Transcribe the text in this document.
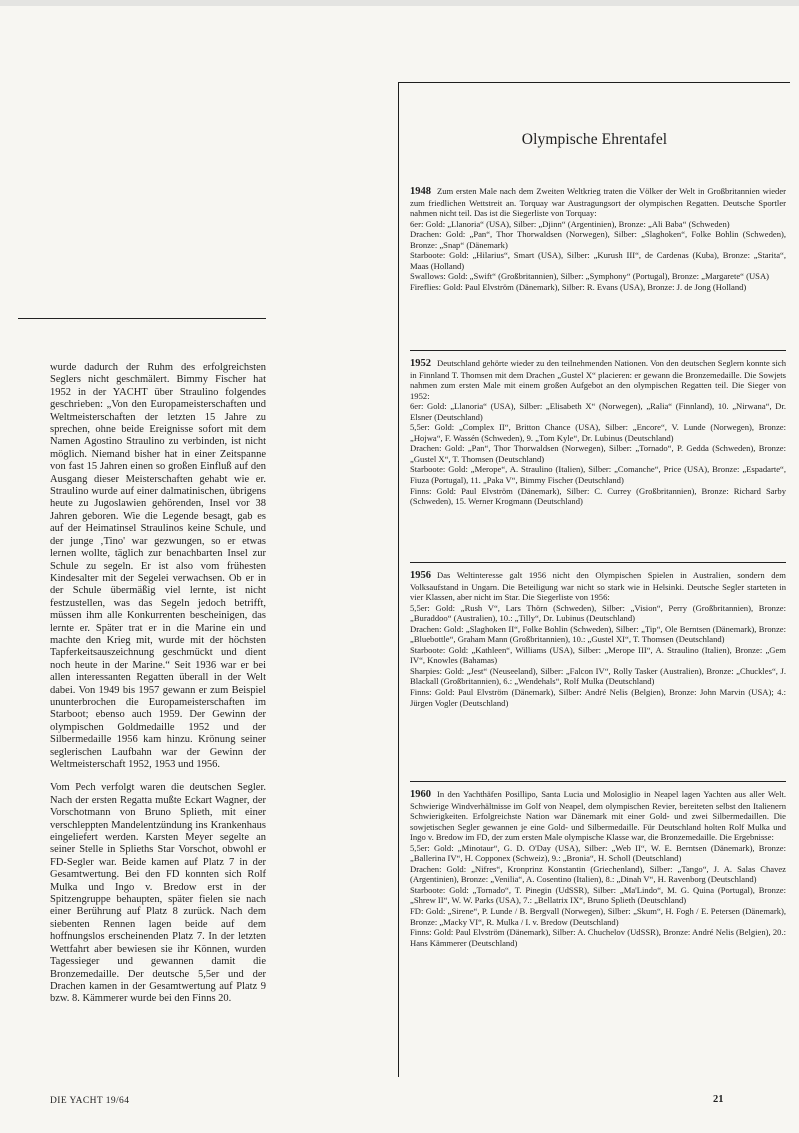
wurde dadurch der Ruhm des erfolgreichsten Seglers nicht geschmälert. Bimmy Fischer hat 1952 in der YACHT über Straulino folgendes geschrieben: „Von den Europameisterschaften und Weltmeisterschaften der letzten 15 Jahre zu sprechen, ohne beide Ereignisse sofort mit dem Namen Agostino Straulino zu verbinden, ist nicht möglich. Niemand bisher hat in einer Zeitspanne von fast 15 Jahren einen so großen Einfluß auf den Ausgang dieser Meisterschaften gehabt wie er. Straulino wurde auf einer dalmatinischen, übrigens heute zu Jugoslawien gehörenden, Insel vor 38 Jahren geboren. Wie die Legende besagt, gab es auf der Heimatinsel Straulinos keine Schule, und der junge ‚Tino' war gezwungen, so er etwas lernen wollte, täglich zur benachbarten Insel zur Schule zu segeln. Er ist also vom frühesten Kindesalter mit der Segelei verwachsen. Ob er in der Schule übermäßig viel lernte, ist nicht festzustellen, was das Segeln jedoch betrifft, müssen ihm alle Konkurrenten bescheinigen, das lernte er. Später trat er in die Marine ein und machte den Krieg mit, wurde mit der höchsten Tapferkeitsauszeichnung geschmückt und dient noch heute in der Marine.“ Seit 1936 war er bei allen interessanten Regatten überall in der Welt dabei. Von 1949 bis 1957 gewann er zum Beispiel ununterbrochen die Europameisterschaften im Starboot; ebenso auch 1959. Der Gewinn der olympischen Goldmedaille 1952 und der Silbermedaille 1956 kam hinzu. Krönung seiner seglerischen Laufbahn war der Gewinn der Weltmeisterschaft 1952, 1953 und 1956.

Vom Pech verfolgt waren die deutschen Segler. Nach der ersten Regatta mußte Eckart Wagner, der Vorschotmann von Bruno Splieth, mit einer verschleppten Mandelentzündung ins Krankenhaus eingeliefert werden. Karsten Meyer segelte an seiner Stelle in Splieths Star Vorschot, obwohl er FD-Segler war. Beide kamen auf Platz 7 in der Gesamtwertung. Bei den FD konnten sich Rolf Mulka und Ingo v. Bredow erst in der Spitzengruppe behaupten, später fielen sie nach einer Berührung auf Platz 8 zurück. Nach dem siebenten Rennen lagen beide auf dem hoffnungslos erscheinenden Platz 7. In der letzten Wettfahrt aber bewiesen sie ihr Können, wurden Tagessieger und gewannen damit die Bronzemedaille. Der deutsche 5,5er und der Drachen kamen in der Gesamtwertung auf Platz 9 bzw. 8. Kämmerer wurde bei den Finns 20.

DIE YACHT 19/64	21
Olympische Ehrentafel

1948 Zum ersten Male nach dem Zweiten Weltkrieg traten die Völker der Welt in Großbritannien wieder zum friedlichen Wettstreit an. Torquay war Austragungsort der olympischen Regatten. Deutsche Sportler nahmen nicht teil. Das ist die Siegerliste von Torquay:

6er: Gold: „Llanoria“ (USA), Silber: „Djinn“ (Argentinien), Bronze: „Ali Baba“ (Schweden)

Drachen: Gold: „Pan“, Thor Thorwaldsen (Norwegen), Silber: „Slaghoken“, Folke Bohlin (Schweden), Bronze: „Snap“ (Dänemark)

Starboote: Gold: „Hilarius“, Smart (USA), Silber: „Kurush III“, de Cardenas (Kuba), Bronze: „Starita“, Maas (Holland)

Swallows: Gold: „Swift“ (Großbritannien), Silber: „Symphony“ (Portugal), Bronze: „Margarete“ (USA)

Fireflies: Gold: Paul Elvström (Dänemark), Silber: R. Evans (USA), Bronze: J. de Jong (Holland)

1952 Deutschland gehörte wieder zu den teilnehmenden Nationen. Von den deutschen Seglern konnte sich in Finnland T. Thomsen mit dem Drachen „Gustel X“ placieren: er gewann die Bronzemedaille. Die Sowjets nahmen zum ersten Male mit einem großen Aufgebot an den olympischen Regatten teil. Die Sieger von 1952:

6er: Gold: „Llanoria“ (USA), Silber: „Elisabeth X“ (Norwegen), „Ralia“ (Finnland), 10. „Nirwana“, Dr. Elsner (Deutschland)

5,5er: Gold: „Complex II“, Britton Chance (USA), Silber: „Encore“, V. Lunde (Norwegen), Bronze: „Hojwa“, F. Wassén (Schweden), 9. „Tom Kyle“, Dr. Lubinus (Deutschland)

Drachen: Gold: „Pan“, Thor Thorwaldsen (Norwegen), Silber: „Tornado“, P. Gedda (Schweden), Bronze: „Gustel X“, T. Thomsen (Deutschland)

Starboote: Gold: „Merope“, A. Straulino (Italien), Silber: „Comanche“, Price (USA), Bronze: „Espadarte“, Fiuza (Portugal), 11. „Paka V“, Bimmy Fischer (Deutschland)

Finns: Gold: Paul Elvström (Dänemark), Silber: C. Currey (Großbritannien), Bronze: Richard Sarby (Schweden), 15. Werner Krogmann (Deutschland)

1956 Das Weltinteresse galt 1956 nicht den Olympischen Spielen in Australien, sondern dem Volksaufstand in Ungarn. Die Beteiligung war nicht so stark wie in Helsinki. Deutsche Segler starteten in vier Klassen, aber nicht im Star. Die Siegerliste von 1956:

5,5er: Gold: „Rush V“, Lars Thörn (Schweden), Silber: „Vision“, Perry (Großbritannien), Bronze: „Buraddoo“ (Australien), 10.: „Tilly“, Dr. Lubinus (Deutschland)

Drachen: Gold: „Slaghoken II“, Folke Bohlin (Schweden), Silber: „Tip“, Ole Berntsen (Dänemark), Bronze: „Bluebottle“, Graham Mann (Großbritannien), 10.: „Gustel XI“, T. Thomsen (Deutschland)

Starboote: Gold: „Kathleen“, Williams (USA), Silber: „Merope III“, A. Straulino (Italien), Bronze: „Gem IV“, Knowles (Bahamas)

Sharpies: Gold: „Jest“ (Neuseeland), Silber: „Falcon IV“, Rolly Tasker (Australien), Bronze: „Chuckles“, J. Blackall (Großbritannien), 6.: „Wendehals“, Rolf Mulka (Deutschland)

Finns: Gold: Paul Elvström (Dänemark), Silber: André Nelis (Belgien), Bronze: John Marvin (USA); 4.: Jürgen Vogler (Deutschland)

1960 In den Yachthäfen Posillipo, Santa Lucia und Molosiglio in Neapel lagen Yachten aus aller Welt. Schwierige Windverhältnisse im Golf von Neapel, dem olympischen Revier, bereiteten selbst den Italienern Schwierigkeiten. Erfolgreichste Nation war Dänemark mit einer Gold- und zwei Silbermedaillen. Die sowjetischen Segler gewannen je eine Gold- und Silbermedaille. Für Deutschland holten Rolf Mulka und Ingo v. Bredow im FD, der zum ersten Male olympische Klasse war, die Bronzemedaille. Die Ergebnisse:

5,5er: Gold: „Minotaur“, G. D. O'Day (USA), Silber: „Web II“, W. E. Berntsen (Dänemark), Bronze: „Ballerina IV“, H. Copponex (Schweiz), 9.: „Bronia“, H. Scholl (Deutschland)

Drachen: Gold: „Nifres“, Kronprinz Konstantin (Griechenland), Silber: „Tango“, J. A. Salas Chavez (Argentinien), Bronze: „Venilia“, A. Cosentino (Italien), 8.: „Dinah V“, H. Ravenborg (Deutschland)

Starboote: Gold: „Tornado“, T. Pinegin (UdSSR), Silber: „Ma'Lindo“, M. G. Quina (Portugal), Bronze: „Shrew II“, W. W. Parks (USA), 7.: „Bellatrix IX“, Bruno Splieth (Deutschland)

FD: Gold: „Sirene“, P. Lunde / B. Bergvall (Norwegen), Silber: „Skum“, H. Fogh / E. Petersen (Dänemark), Bronze: „Macky VI“, R. Mulka / I. v. Bredow (Deutschland)

Finns: Gold: Paul Elvström (Dänemark), Silber: A. Chuchelov (UdSSR), Bronze: André Nelis (Belgien), 20.: Hans Kämmerer (Deutschland)
